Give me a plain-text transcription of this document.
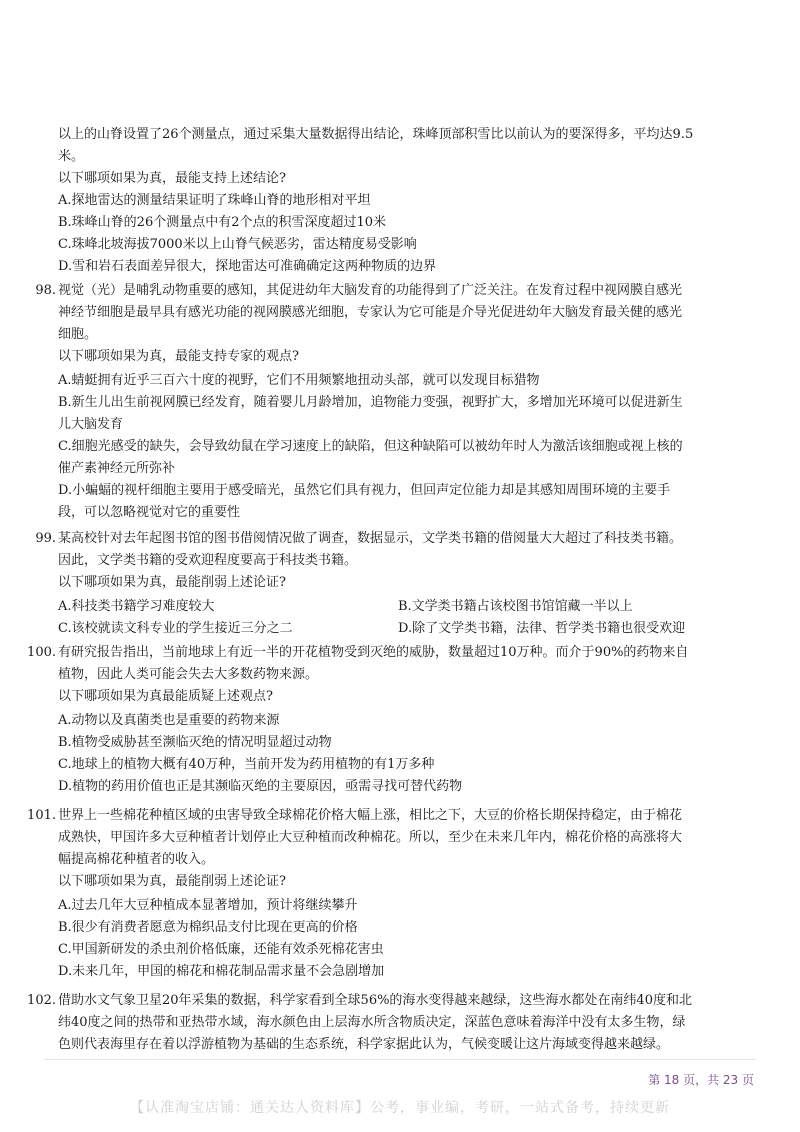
以上的山脊设置了26个测量点，通过采集大量数据得出结论，珠峰顶部积雪比以前认为的要深得多，平均达9.5
米。
以下哪项如果为真，最能支持上述结论?
A.探地雷达的测量结果证明了珠峰山脊的地形相对平坦
B.珠峰山脊的26个测量点中有2个点的积雪深度超过10米
C.珠峰北坡海拔7000米以上山脊气候恶劣，雷达精度易受影响
D.雪和岩石表面差异很大，探地雷达可准确确定这两种物质的边界
98. 视觉（光）是哺乳动物重要的感知，其促进幼年大脑发育的功能得到了广泛关注。在发育过程中视网膜自感光
神经节细胞是最早具有感光功能的视网膜感光细胞，专家认为它可能是介导光促进幼年大脑发育最关健的感光
细胞。
以下哪项如果为真，最能支持专家的观点?
A.蜻蜓拥有近乎三百六十度的视野，它们不用频繁地扭动头部，就可以发现目标猎物
B.新生儿出生前视网膜已经发育，随着婴儿月龄增加，追物能力变强，视野扩大，多增加光环境可以促进新生
儿大脑发育
C.细胞光感受的缺失，会导致幼鼠在学习速度上的缺陷，但这种缺陷可以被幼年时人为激活该细胞或视上核的
催产素神经元所弥补
D.小蝙蝠的视杆细胞主要用于感受暗光，虽然它们具有视力，但回声定位能力却是其感知周围环境的主要手
段，可以忽略视觉对它的重要性
99. 某高校针对去年起图书馆的图书借阅情况做了调查，数据显示，文学类书籍的借阅量大大超过了科技类书籍。
因此，文学类书籍的受欢迎程度要高于科技类书籍。
以下哪项如果为真，最能削弱上述论证?
A.科技类书籍学习难度较大	B.文学类书籍占该校图书馆馆藏一半以上
C.该校就读文科专业的学生接近三分之二	D.除了文学类书籍，法律、哲学类书籍也很受欢迎
100. 有研究报告指出，当前地球上有近一半的开花植物受到灭绝的威胁，数量超过10万种。而介于90%的药物来自
植物，因此人类可能会失去大多数药物来源。
以下哪项如果为真最能质疑上述观点?
A.动物以及真菌类也是重要的药物来源
B.植物受威胁甚至濒临灭绝的情况明显超过动物
C.地球上的植物大概有40万种，当前开发为药用植物的有1万多种
D.植物的药用价值也正是其濒临灭绝的主要原因，亟需寻找可替代药物
101. 世界上一些棉花种植区域的虫害导致全球棉花价格大幅上涨，相比之下，大豆的价格长期保持稳定，由于棉花
成熟快，甲国许多大豆种植者计划停止大豆种植而改种棉花。所以，至少在未来几年内，棉花价格的高涨将大
幅提高棉花种植者的收入。
以下哪项如果为真，最能削弱上述论证?
A.过去几年大豆种植成本显著增加，预计将继续攀升
B.很少有消费者愿意为棉织品支付比现在更高的价格
C.甲国新研发的杀虫剂价格低廉，还能有效杀死棉花害虫
D.未来几年，甲国的棉花和棉花制品需求量不会急剧增加
102. 借助水文气象卫星20年采集的数据，科学家看到全球56%的海水变得越来越绿，这些海水都处在南纬40度和北
纬40度之间的热带和亚热带水域，海水颜色由上层海水所含物质决定，深蓝色意味着海洋中没有太多生物，绿
色则代表海里存在着以浮游植物为基础的生态系统，科学家据此认为，气候变暖让这片海域变得越来越绿。
第 18 页，共 23 页
【认准淘宝店铺：通关达人资料库】公考，事业编，考研，一站式备考，持续更新
